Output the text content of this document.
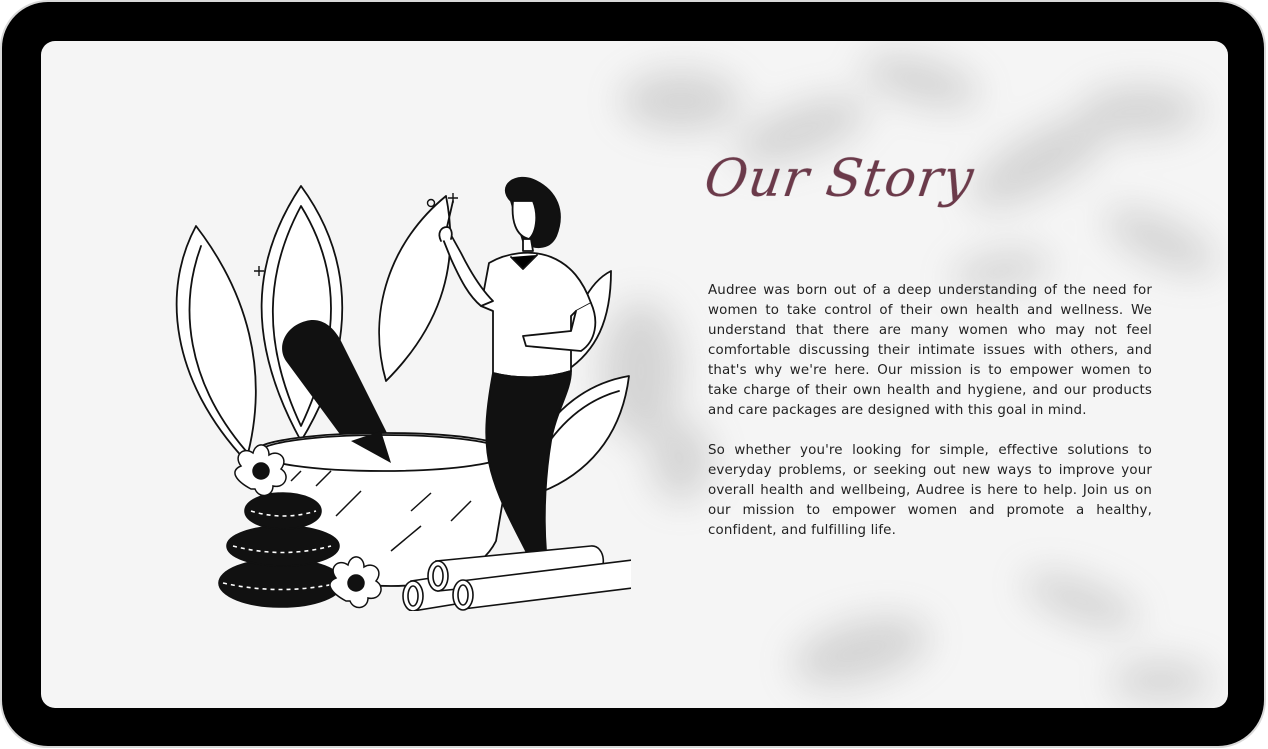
Our Story

Audree was born out of a deep understanding of the need for women to take control of their own health and wellness. We understand that there are many women who may not feel comfortable discussing their intimate issues with others, and that's why we're here. Our mission is to empower women to take charge of their own health and hygiene, and our products and care packages are designed with this goal in mind.

So whether you're looking for simple, effective solutions to everyday problems, or seeking out new ways to improve your overall health and wellbeing, Audree is here to help. Join us on our mission to empower women and promote a healthy, confident, and fulfilling life.
